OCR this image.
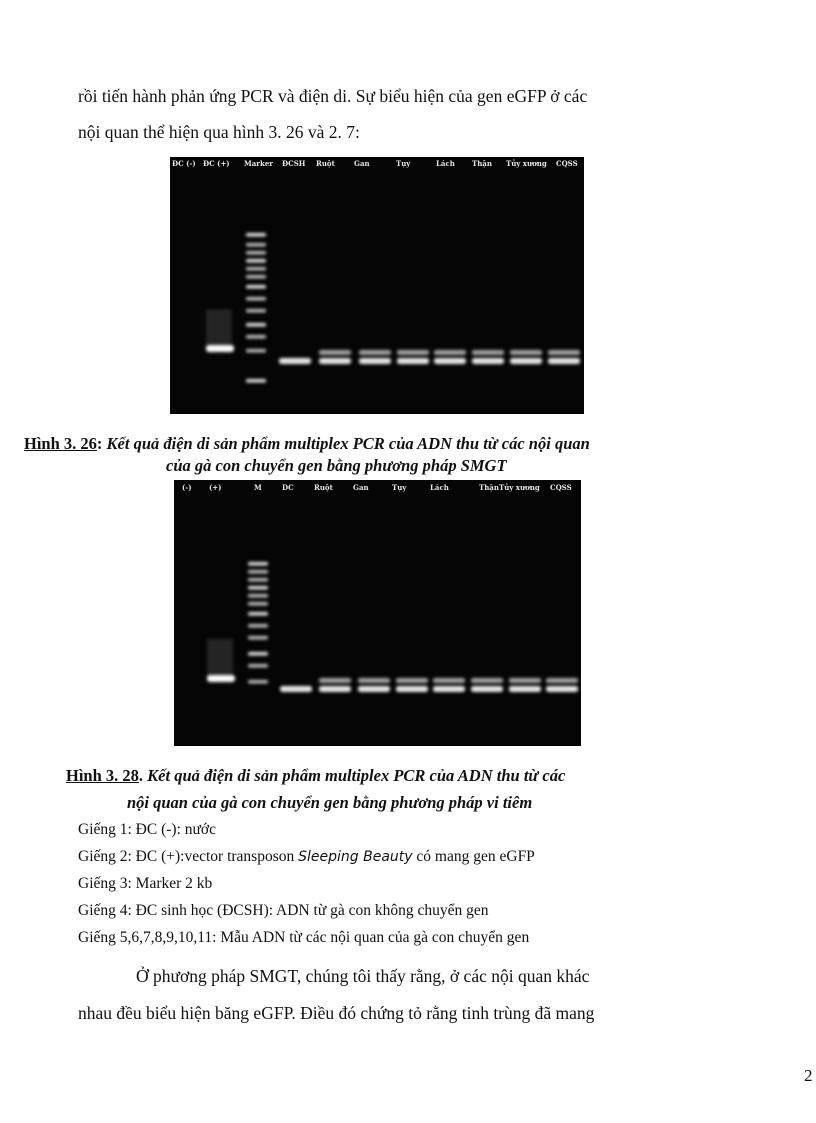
rồi tiến hành phản ứng PCR và điện di. Sự biểu hiện của gen eGFP ở các
nội quan thể hiện qua hình 3. 26 và 2. 7:
ĐC (-) ĐC (+) Marker ĐCSH Ruột	Gan	Tụy	Lách Thận Tủy xương CQSS
Hình 3. 26: Kết quả điện di sản phẩm multiplex PCR của ADN thu từ các nội quan
của gà con chuyển gen bằng phương pháp SMGT
(-) (+)	M	DC	Ruột	Gan	Tụy	Lách	Thận Tủy xương CQSS
Hình 3. 28. Kết quả điện di sản phẩm multiplex PCR của ADN thu từ các
nội quan của gà con chuyển gen bằng phương pháp vi tiêm
Giếng 1: ĐC (-): nước
Giếng 2: ĐC (+):vector transposon Sleeping Beauty có mang gen eGFP
Giếng 3: Marker 2 kb
Giếng 4: ĐC sinh học (ĐCSH): ADN từ gà con không chuyển gen
Giếng 5,6,7,8,9,10,11: Mẫu ADN từ các nội quan của gà con chuyển gen
Ở phương pháp SMGT, chúng tôi thấy rằng, ở các nội quan khác
nhau đều biểu hiện băng eGFP. Điều đó chứng tỏ rằng tinh trùng đã mang
2
